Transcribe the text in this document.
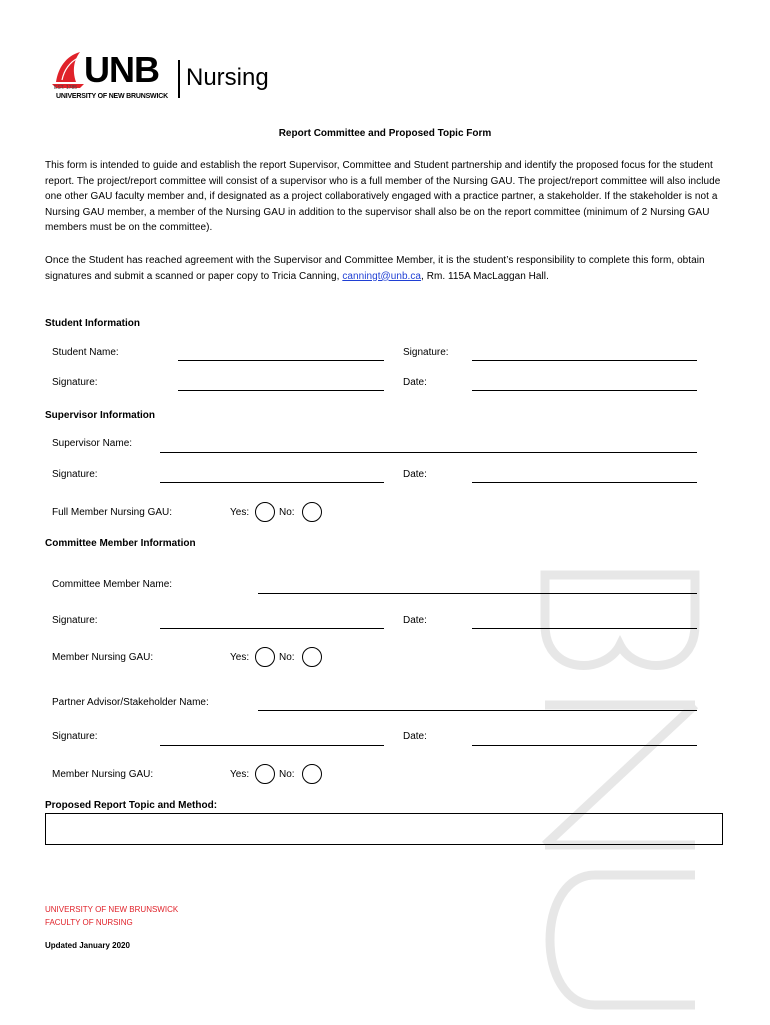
EST. 1785 UNB
UNIVERSITY OF NEW BRUNSWICK
Nursing
Report Committee and Proposed Topic Form
This form is intended to guide and establish the report Supervisor, Committee and Student partnership and identify the proposed focus for the student report. The project/report committee will consist of a supervisor who is a full member of the Nursing GAU. The project/report committee will also include one other GAU faculty member and, if designated as a project collaboratively engaged with a practice partner, a stakeholder. If the stakeholder is not a Nursing GAU member, a member of the Nursing GAU in addition to the supervisor shall also be on the report committee (minimum of 2 Nursing GAU members must be on the committee).
Once the Student has reached agreement with the Supervisor and Committee Member, it is the student’s responsibility to complete this form, obtain signatures and submit a scanned or paper copy to Tricia Canning, canningt@unb.ca, Rm. 115A MacLaggan Hall.
Student Information
Student Name:	Signature:
Signature:	Date:
Supervisor Information
Supervisor Name:
Signature:	Date:
Full Member Nursing GAU:	Yes:	No:
Committee Member Information
Committee Member Name:
Signature:	Date:
Member Nursing GAU:	Yes:	No:
Partner Advisor/Stakeholder Name:
Signature:	Date:
Member Nursing GAU:	Yes:	No:
Proposed Report Topic and Method:
UNIVERSITY OF NEW BRUNSWICK
FACULTY OF NURSING
Updated January 2020
